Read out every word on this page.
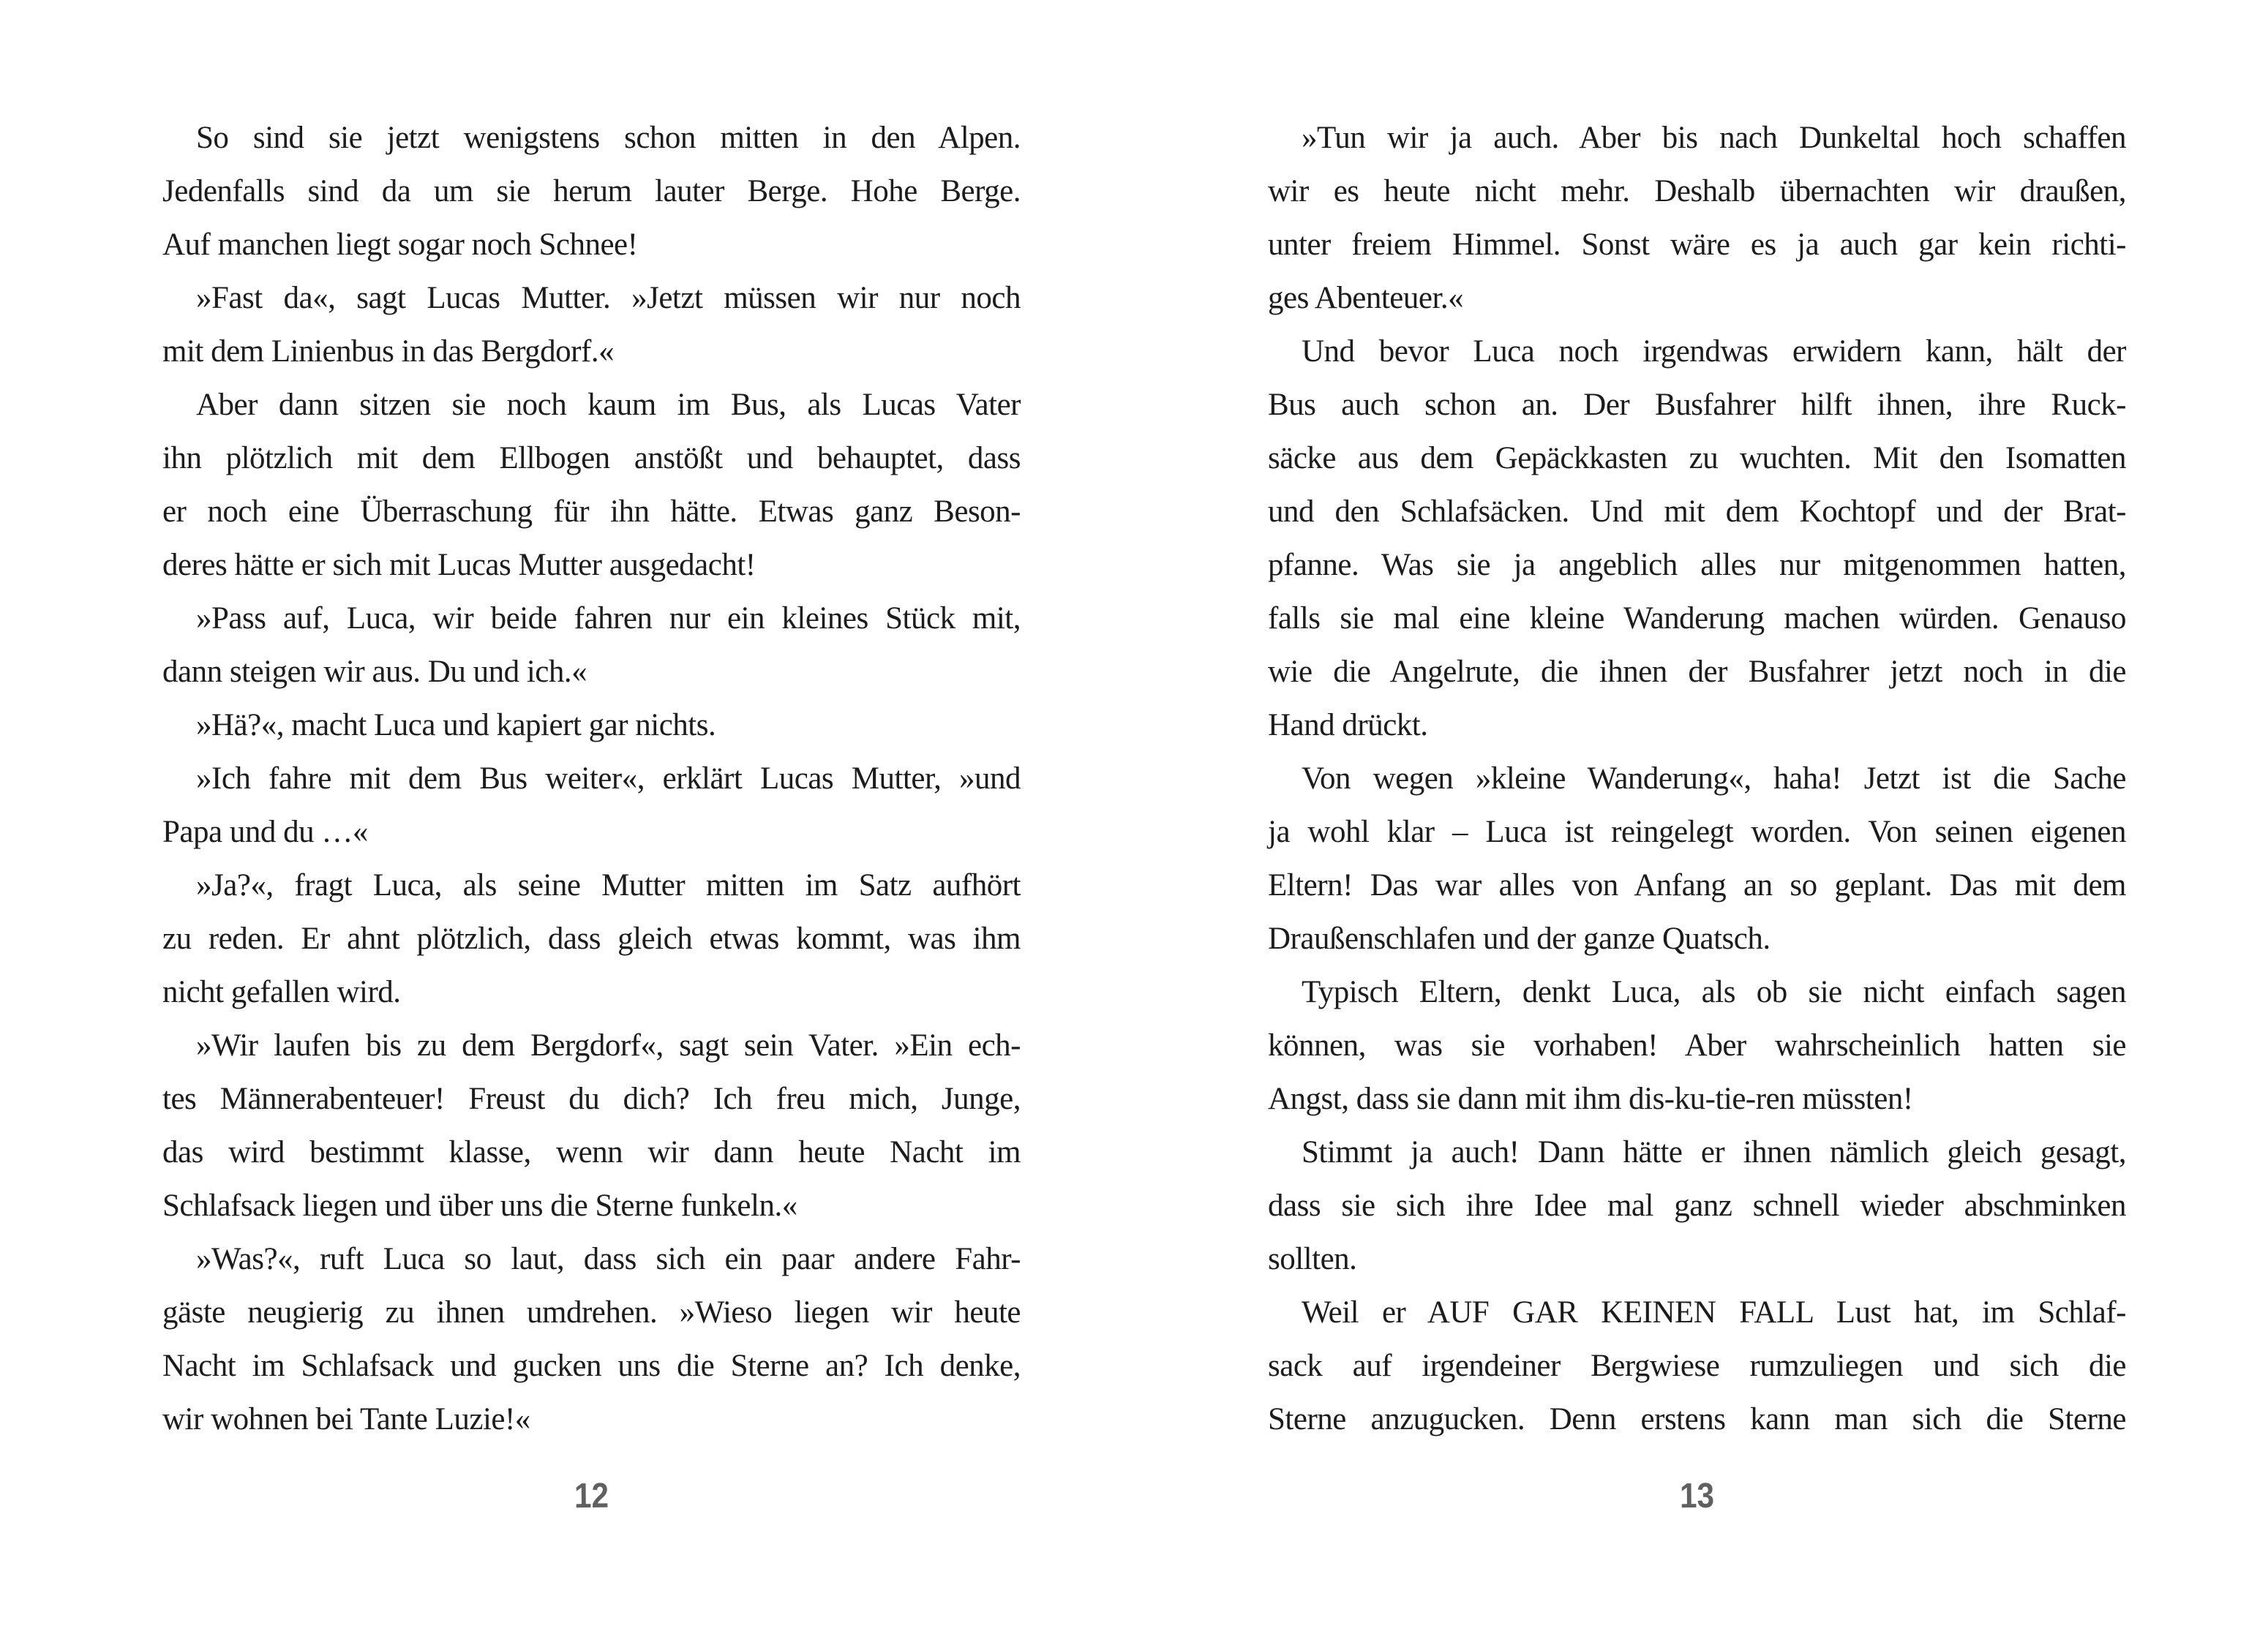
So sind sie jetzt wenigstens schon mitten in den Alpen.
Jedenfalls sind da um sie herum lauter Berge. Hohe Berge.
Auf manchen liegt sogar noch Schnee!
»Fast da«, sagt Lucas Mutter. »Jetzt müssen wir nur noch
mit dem Linienbus in das Bergdorf.«
Aber dann sitzen sie noch kaum im Bus, als Lucas Vater
ihn plötzlich mit dem Ellbogen anstößt und behauptet, dass
er noch eine Überraschung für ihn hätte. Etwas ganz Beson-
deres hätte er sich mit Lucas Mutter ausgedacht!
»Pass auf, Luca, wir beide fahren nur ein kleines Stück mit,
dann steigen wir aus. Du und ich.«
»Hä?«, macht Luca und kapiert gar nichts.
»Ich fahre mit dem Bus weiter«, erklärt Lucas Mutter, »und
Papa und du …«
»Ja?«, fragt Luca, als seine Mutter mitten im Satz aufhört
zu reden. Er ahnt plötzlich, dass gleich etwas kommt, was ihm
nicht gefallen wird.
»Wir laufen bis zu dem Bergdorf«, sagt sein Vater. »Ein ech-
tes Männerabenteuer! Freust du dich? Ich freu mich, Junge,
das wird bestimmt klasse, wenn wir dann heute Nacht im
Schlafsack liegen und über uns die Sterne funkeln.«
»Was?«, ruft Luca so laut, dass sich ein paar andere Fahr-
gäste neugierig zu ihnen umdrehen. »Wieso liegen wir heute
Nacht im Schlafsack und gucken uns die Sterne an? Ich denke,
wir wohnen bei Tante Luzie!«
»Tun wir ja auch. Aber bis nach Dunkeltal hoch schaffen
wir es heute nicht mehr. Deshalb übernachten wir draußen,
unter freiem Himmel. Sonst wäre es ja auch gar kein richti-
ges Abenteuer.«
Und bevor Luca noch irgendwas erwidern kann, hält der
Bus auch schon an. Der Busfahrer hilft ihnen, ihre Ruck-
säcke aus dem Gepäckkasten zu wuchten. Mit den Isomatten
und den Schlafsäcken. Und mit dem Kochtopf und der Brat-
pfanne. Was sie ja angeblich alles nur mitgenommen hatten,
falls sie mal eine kleine Wanderung machen würden. Genauso
wie die Angelrute, die ihnen der Busfahrer jetzt noch in die
Hand drückt.
Von wegen »kleine Wanderung«, haha! Jetzt ist die Sache
ja wohl klar – Luca ist reingelegt worden. Von seinen eigenen
Eltern! Das war alles von Anfang an so geplant. Das mit dem
Draußenschlafen und der ganze Quatsch.
Typisch Eltern, denkt Luca, als ob sie nicht einfach sagen
können, was sie vorhaben! Aber wahrscheinlich hatten sie
Angst, dass sie dann mit ihm dis-ku-tie-ren müssten!
Stimmt ja auch! Dann hätte er ihnen nämlich gleich gesagt,
dass sie sich ihre Idee mal ganz schnell wieder abschminken
sollten.
Weil er AUF GAR KEINEN FALL Lust hat, im Schlaf-
sack auf irgendeiner Bergwiese rumzuliegen und sich die
Sterne anzugucken. Denn erstens kann man sich die Sterne
12	13
